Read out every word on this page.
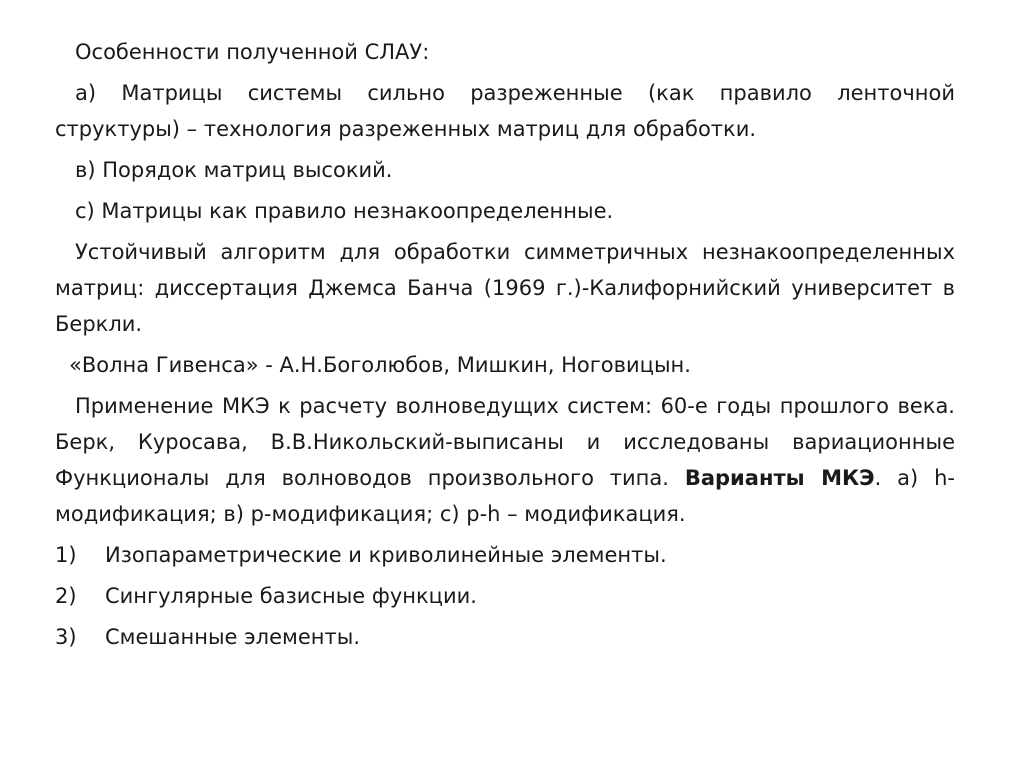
Особенности полученной СЛАУ:

а) Матрицы системы сильно разреженные (как правило ленточной структуры) – технология разреженных матриц для обработки.

в) Порядок матриц высокий.

с) Матрицы как правило незнакоопределенные.

Устойчивый алгоритм для обработки симметричных незнакоопределенных матриц: диссертация Джемса Банча (1969 г.)-Калифорнийский университет в Беркли.

«Волна Гивенса» - А.Н.Боголюбов, Мишкин, Ноговицын.

Применение МКЭ к расчету волноведущих систем: 60-е годы прошлого века. Берк, Куросава, В.В.Никольский-выписаны и исследованы вариационные Функционалы для волноводов произвольного типа. Варианты МКЭ. а) h-модификация; в) p-модификация; с) p-h – модификация.

1)	Изопараметрические и криволинейные элементы.
2)	Сингулярные базисные функции.
3)	Смешанные элементы.
